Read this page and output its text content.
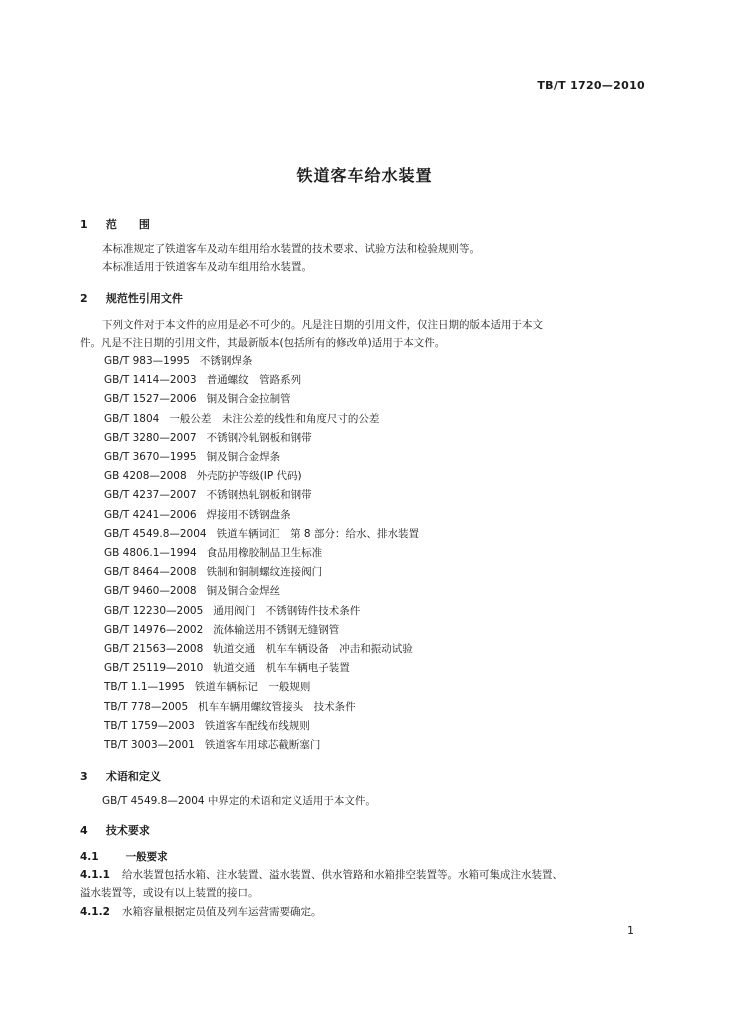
TB/T 1720—2010
铁道客车给水装置
1 范　　围
本标准规定了铁道客车及动车组用给水装置的技术要求、试验方法和检验规则等。
本标准适用于铁道客车及动车组用给水装置。
2 规范性引用文件
下列文件对于本文件的应用是必不可少的。凡是注日期的引用文件，仅注日期的版本适用于本文
件。凡是不注日期的引用文件，其最新版本(包括所有的修改单)适用于本文件。
GB/T 983—1995 不锈钢焊条
GB/T 1414—2003 普通螺纹　管路系列
GB/T 1527—2006 铜及铜合金拉制管
GB/T 1804 一般公差　未注公差的线性和角度尺寸的公差
GB/T 3280—2007 不锈钢冷轧钢板和钢带
GB/T 3670—1995 铜及铜合金焊条
GB 4208—2008 外壳防护等级(IP 代码)
GB/T 4237—2007 不锈钢热轧钢板和钢带
GB/T 4241—2006 焊接用不锈钢盘条
GB/T 4549.8—2004 铁道车辆词汇　第 8 部分：给水、排水装置
GB 4806.1—1994 食品用橡胶制品卫生标准
GB/T 8464—2008 铁制和铜制螺纹连接阀门
GB/T 9460—2008 铜及铜合金焊丝
GB/T 12230—2005 通用阀门　不锈钢铸件技术条件
GB/T 14976—2002 流体输送用不锈钢无缝钢管
GB/T 21563—2008 轨道交通　机车车辆设备　冲击和振动试验
GB/T 25119—2010 轨道交通　机车车辆电子装置
TB/T 1.1—1995 铁道车辆标记　一般规则
TB/T 778—2005 机车车辆用螺纹管接头　技术条件
TB/T 1759—2003 铁道客车配线布线规则
TB/T 3003—2001 铁道客车用球芯截断塞门
3 术语和定义
GB/T 4549.8—2004 中界定的术语和定义适用于本文件。
4 技术要求
4.1	一般要求
4.1.1 给水装置包括水箱、注水装置、溢水装置、供水管路和水箱排空装置等。水箱可集成注水装置、
溢水装置等，或设有以上装置的接口。
4.1.2 水箱容量根据定员值及列车运营需要确定。
1
